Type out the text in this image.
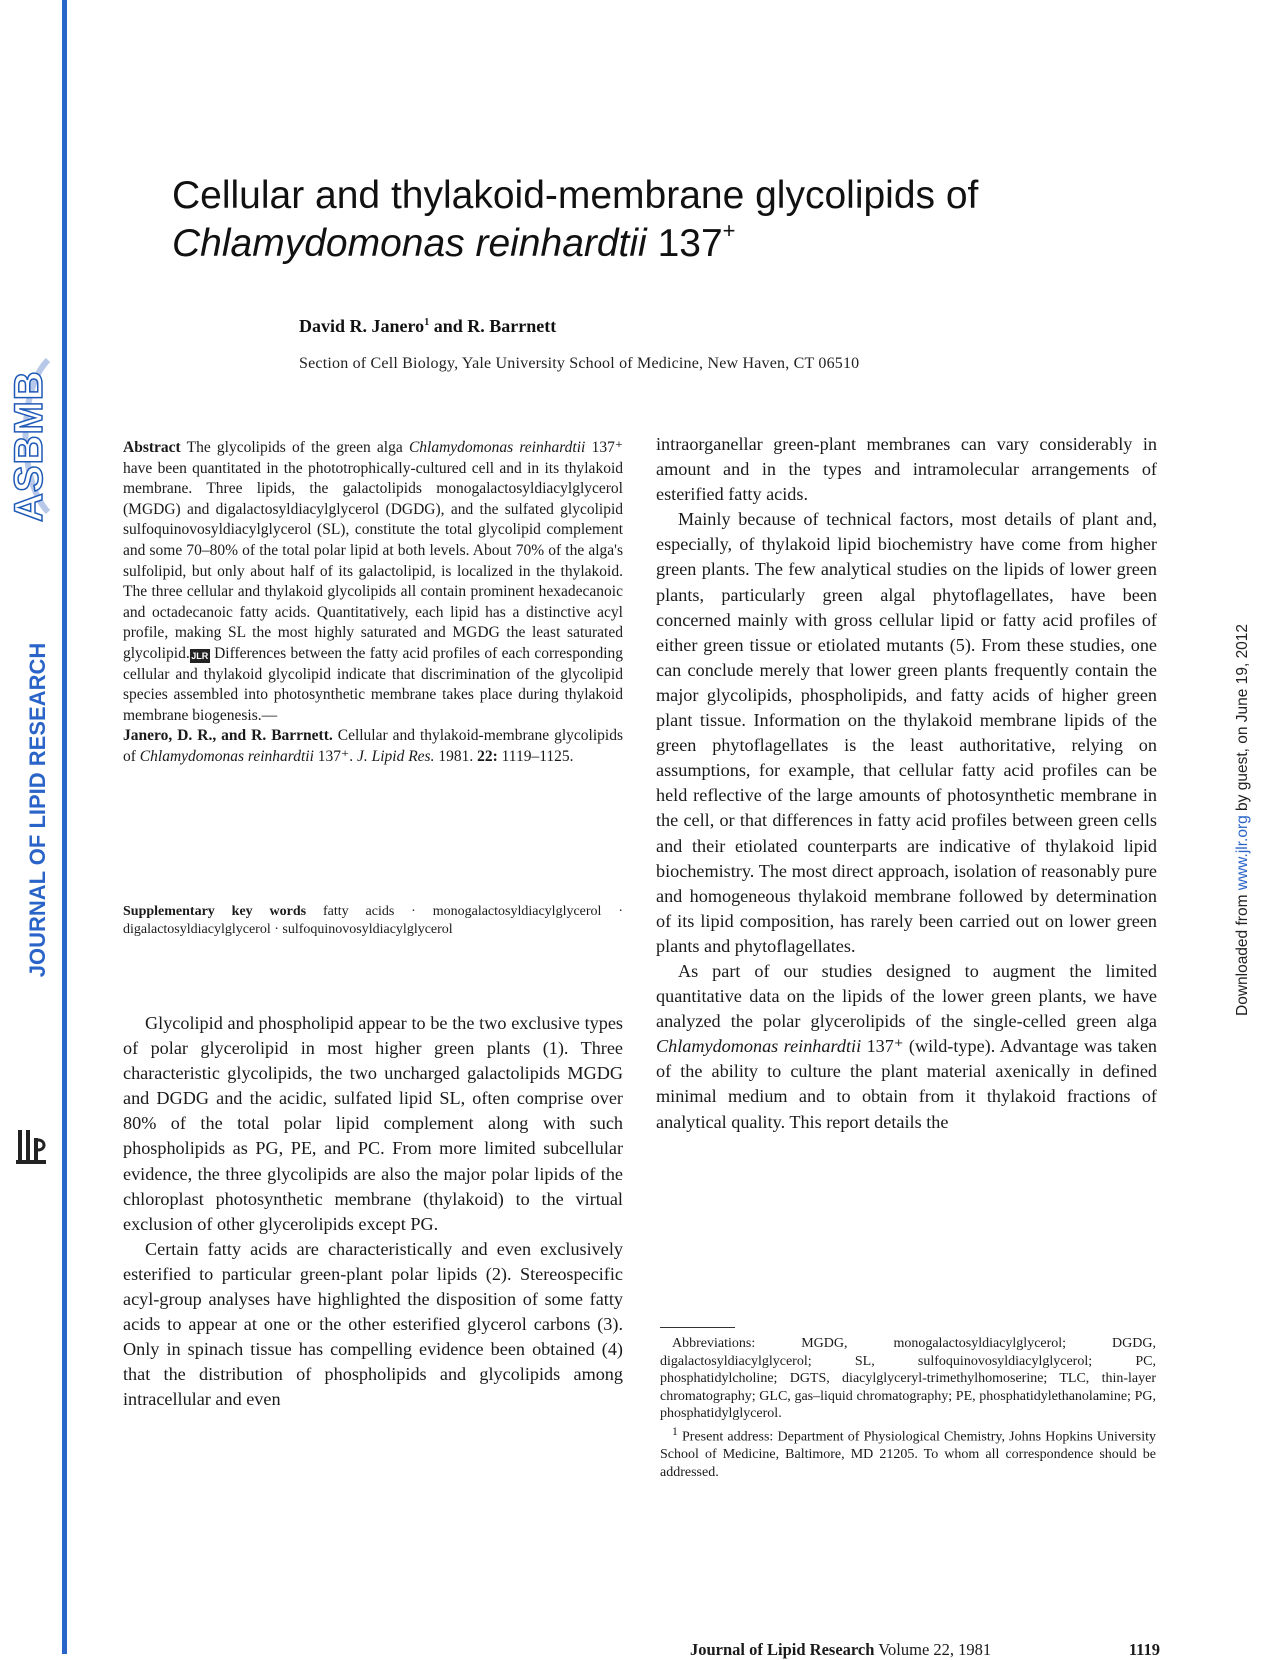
ASBMB
JOURNAL OF LIPID RESEARCH	Downloaded from www.jlr.org by guest, on June 19, 2012
Cellular and thylakoid-membrane glycolipids of
Chlamydomonas reinhardtii 137+
David R. Janero$^1$ and R. Barrnett
Section of Cell Biology, Yale University School of Medicine, New Haven, CT 06510
Abstract The glycolipids of the green alga Chlamydomonas reinhardtii 137⁺ have been quantitated in the phototrophically-cultured cell and in its thylakoid membrane. Three lipids, the galactolipids monogalactosyldiacylglycerol (MGDG) and digalactosyldiacylglycerol (DGDG), and the sulfated glycolipid sulfoquinovosyldiacylglycerol (SL), constitute the total glycolipid complement and some 70–80% of the total polar lipid at both levels. About 70% of the alga's sulfolipid, but only about half of its galactolipid, is localized in the thylakoid. The three cellular and thylakoid glycolipids all contain prominent hexadecanoic and octadecanoic fatty acids. Quantitatively, each lipid has a distinctive acyl profile, making SL the most highly saturated and MGDG the least saturated glycolipid.JLR Differences between the fatty acid profiles of each corresponding cellular and thylakoid glycolipid indicate that discrimination of the glycolipid species assembled into photosynthetic membrane takes place during thylakoid membrane biogenesis.—
Janero, D. R., and R. Barrnett. Cellular and thylakoid-membrane glycolipids of Chlamydomonas reinhardtii 137⁺. J. Lipid Res. 1981. 22: 1119–1125.
Supplementary key words fatty acids · monogalactosyldiacylglycerol · digalactosyldiacylglycerol · sulfoquinovosyldiacylglycerol

Glycolipid and phospholipid appear to be the two exclusive types of polar glycerolipid in most higher green plants (1). Three characteristic glycolipids, the two uncharged galactolipids MGDG and DGDG and the acidic, sulfated lipid SL, often comprise over 80% of the total polar lipid complement along with such phospholipids as PG, PE, and PC. From more limited subcellular evidence, the three glycolipids are also the major polar lipids of the chloroplast photosynthetic membrane (thylakoid) to the virtual exclusion of other glycerolipids except PG.

Certain fatty acids are characteristically and even exclusively esterified to particular green-plant polar lipids (2). Stereospecific acyl-group analyses have highlighted the disposition of some fatty acids to appear at one or the other esterified glycerol carbons (3). Only in spinach tissue has compelling evidence been obtained (4) that the distribution of phospholipids and glycolipids among intracellular and even

intraorganellar green-plant membranes can vary considerably in amount and in the types and intramolecular arrangements of esterified fatty acids.

Mainly because of technical factors, most details of plant and, especially, of thylakoid lipid biochemistry have come from higher green plants. The few analytical studies on the lipids of lower green plants, particularly green algal phytoflagellates, have been concerned mainly with gross cellular lipid or fatty acid profiles of either green tissue or etiolated mutants (5). From these studies, one can conclude merely that lower green plants frequently contain the major glycolipids, phospholipids, and fatty acids of higher green plant tissue. Information on the thylakoid membrane lipids of the green phytoflagellates is the least authoritative, relying on assumptions, for example, that cellular fatty acid profiles can be held reflective of the large amounts of photosynthetic membrane in the cell, or that differences in fatty acid profiles between green cells and their etiolated counterparts are indicative of thylakoid lipid biochemistry. The most direct approach, isolation of reasonably pure and homogeneous thylakoid membrane followed by determination of its lipid composition, has rarely been carried out on lower green plants and phytoflagellates.

As part of our studies designed to augment the limited quantitative data on the lipids of the lower green plants, we have analyzed the polar glycerolipids of the single-celled green alga Chlamydomonas reinhardtii 137⁺ (wild-type). Advantage was taken of the ability to culture the plant material axenically in defined minimal medium and to obtain from it thylakoid fractions of analytical quality. This report details the

Abbreviations: MGDG, monogalactosyldiacylglycerol; DGDG, digalactosyldiacylglycerol; SL, sulfoquinovosyldiacylglycerol; PC, phosphatidylcholine; DGTS, diacylglyceryl-trimethylhomoserine; TLC, thin-layer chromatography; GLC, gas–liquid chromatography; PE, phosphatidylethanolamine; PG, phosphatidylglycerol.

$^1$ Present address: Department of Physiological Chemistry, Johns Hopkins University School of Medicine, Baltimore, MD 21205. To whom all correspondence should be addressed.

Journal of Lipid Research Volume 22, 1981	1119
